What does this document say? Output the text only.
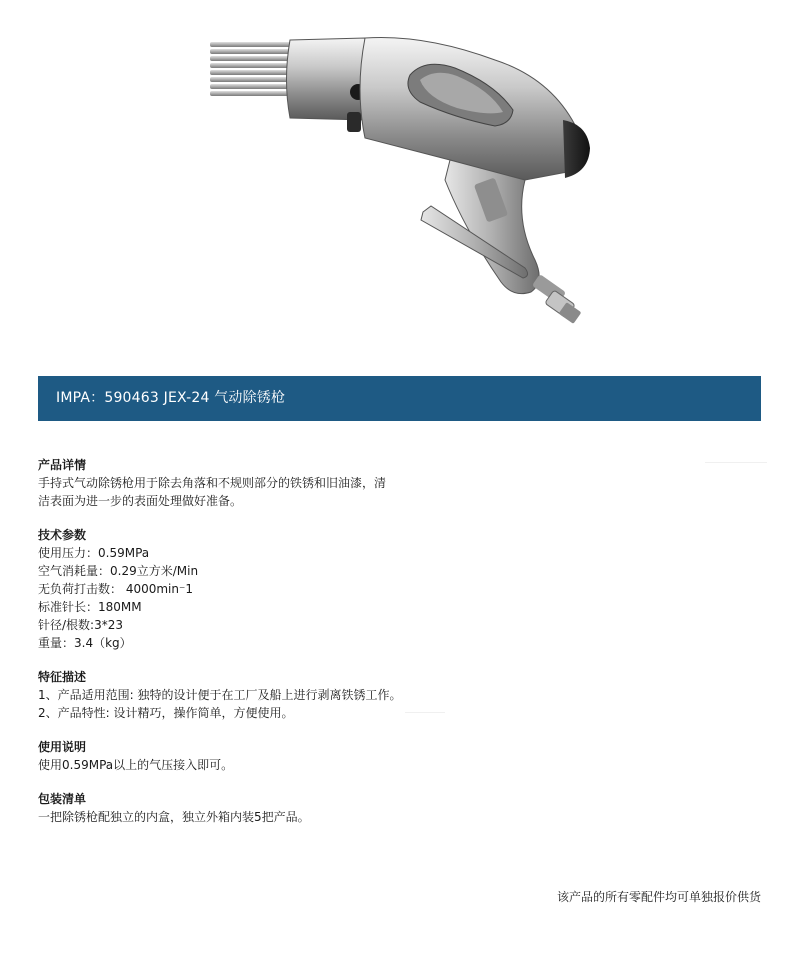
IMPA：590463 JEX-24 气动除锈枪

产品详情

手持式气动除锈枪用于除去角落和不规则部分的铁锈和旧油漆，清

洁表面为进一步的表面处理做好准备。

技术参数

使用压力：0.59MPa

空气消耗量：0.29立方米/Min

无负荷打击数： 4000min⁻1

标准针长：180MM

针径/根数:3*23

重量：3.4（kg）

特征描述

1、产品适用范围: 独特的设计便于在工厂及船上进行剥离铁锈工作。

2、产品特性: 设计精巧，操作简单，方便使用。

使用说明

使用0.59MPa以上的气压接入即可。

包装清单

一把除锈枪配独立的内盒，独立外箱内装5把产品。

该产品的所有零配件均可单独报价供货
